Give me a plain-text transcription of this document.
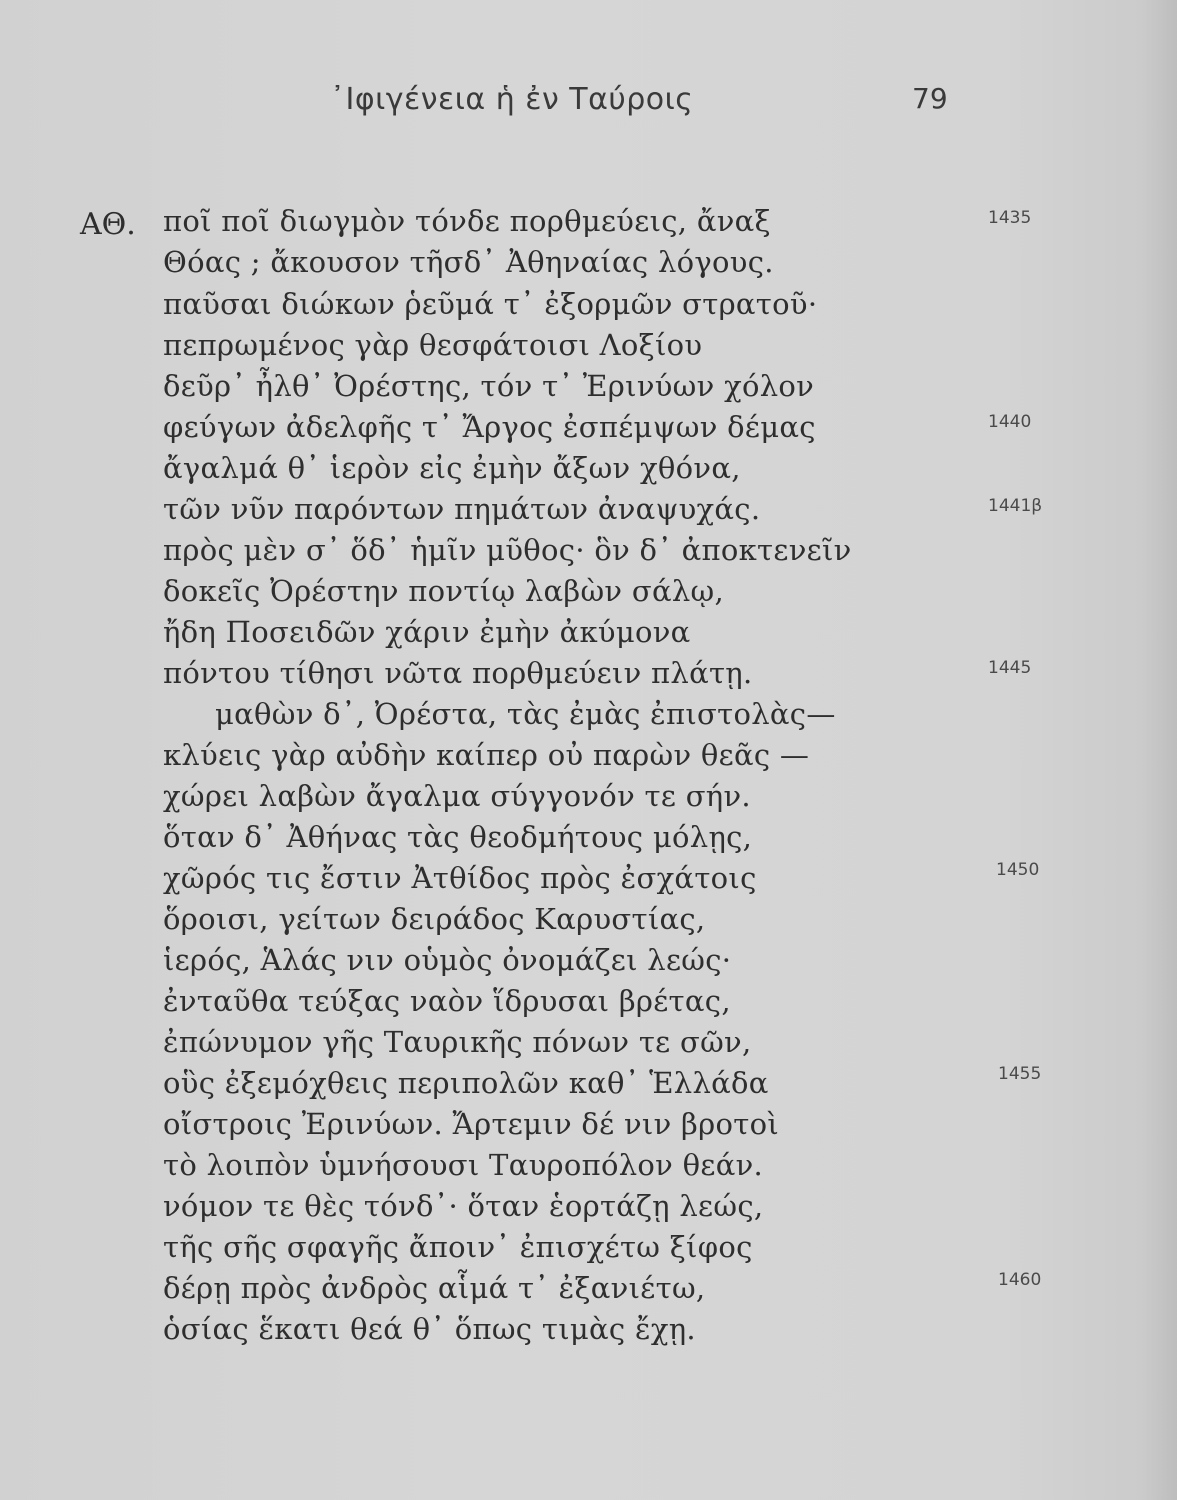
᾿Ιφιγένεια ἡ ἐν Ταύροις	79
ΑΘ. ποῖ ποῖ διωγμὸν τόνδε πορθμεύεις, ἄναξ
Θόας ; ἄκουσον τῆσδ᾿ Ἀθηναίας λόγους.
παῦσαι διώκων ῥεῦμά τ᾿ ἐξορμῶν στρατοῦ·
πεπρωμένος γὰρ θεσφάτοισι Λοξίου
δεῦρ᾿ ἦλθ᾿ Ὀρέστης, τόν τ᾿ Ἐρινύων χόλον
φεύγων ἀδελφῆς τ᾿ Ἄργος ἐσπέμψων δέμας
ἄγαλμά θ᾿ ἱερὸν εἰς ἐμὴν ἄξων χθόνα,
τῶν νῦν παρόντων πημάτων ἀναψυχάς.
πρὸς μὲν σ᾿ ὅδ᾿ ἡμῖν μῦθος· ὃν δ᾿ ἀποκτενεῖν
δοκεῖς Ὀρέστην ποντίῳ λαβὼν σάλῳ,
ἤδη Ποσειδῶν χάριν ἐμὴν ἀκύμονα
πόντου τίθησι νῶτα πορθμεύειν πλάτῃ.
μαθὼν δ᾿, Ὀρέστα, τὰς ἐμὰς ἐπιστολὰς—
κλύεις γὰρ αὐδὴν καίπερ οὐ παρὼν θεᾶς —
χώρει λαβὼν ἄγαλμα σύγγονόν τε σήν.
ὅταν δ᾿ Ἀθήνας τὰς θεοδμήτους μόλῃς,
χῶρός τις ἔστιν Ἀτθίδος πρὸς ἐσχάτοις
ὅροισι, γείτων δειράδος Καρυστίας,
ἱερός, Ἁλάς νιν οὑμὸς ὀνομάζει λεώς·
ἐνταῦθα τεύξας ναὸν ἵδρυσαι βρέτας,
ἐπώνυμον γῆς Ταυρικῆς πόνων τε σῶν,
οὓς ἐξεμόχθεις περιπολῶν καθ᾿ Ἑλλάδα
οἴστροις Ἐρινύων. Ἄρτεμιν δέ νιν βροτοὶ
τὸ λοιπὸν ὑμνήσουσι Ταυροπόλον θεάν.
νόμον τε θὲς τόνδ᾿· ὅταν ἑορτάζῃ λεώς,
τῆς σῆς σφαγῆς ἄποιν᾿ ἐπισχέτω ξίφος
δέρῃ πρὸς ἀνδρὸς αἷμά τ᾿ ἐξανιέτω,
ὁσίας ἕκατι θεά θ᾿ ὅπως τιμὰς ἔχῃ.
1435
1440
1441β
1445
1450
1455
1460
